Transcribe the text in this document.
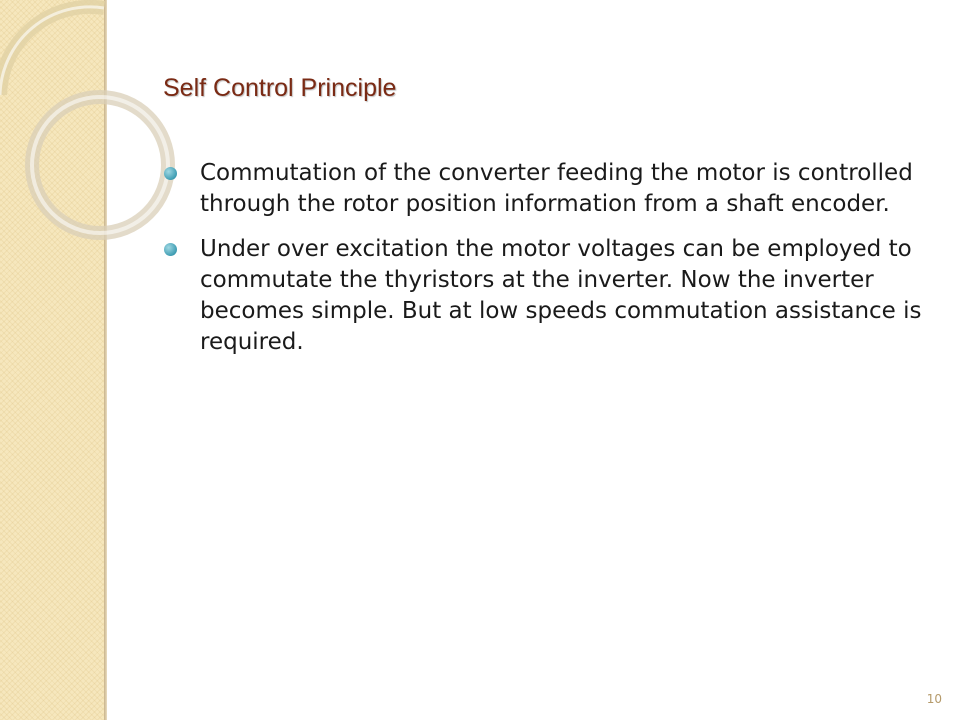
Self Control Principle
Commutation of the converter feeding the motor is controlled through the rotor position information from a shaft encoder.
Under over excitation the motor voltages can be employed to commutate the thyristors at the inverter. Now the inverter becomes simple. But at low speeds commutation assistance is required.
10
